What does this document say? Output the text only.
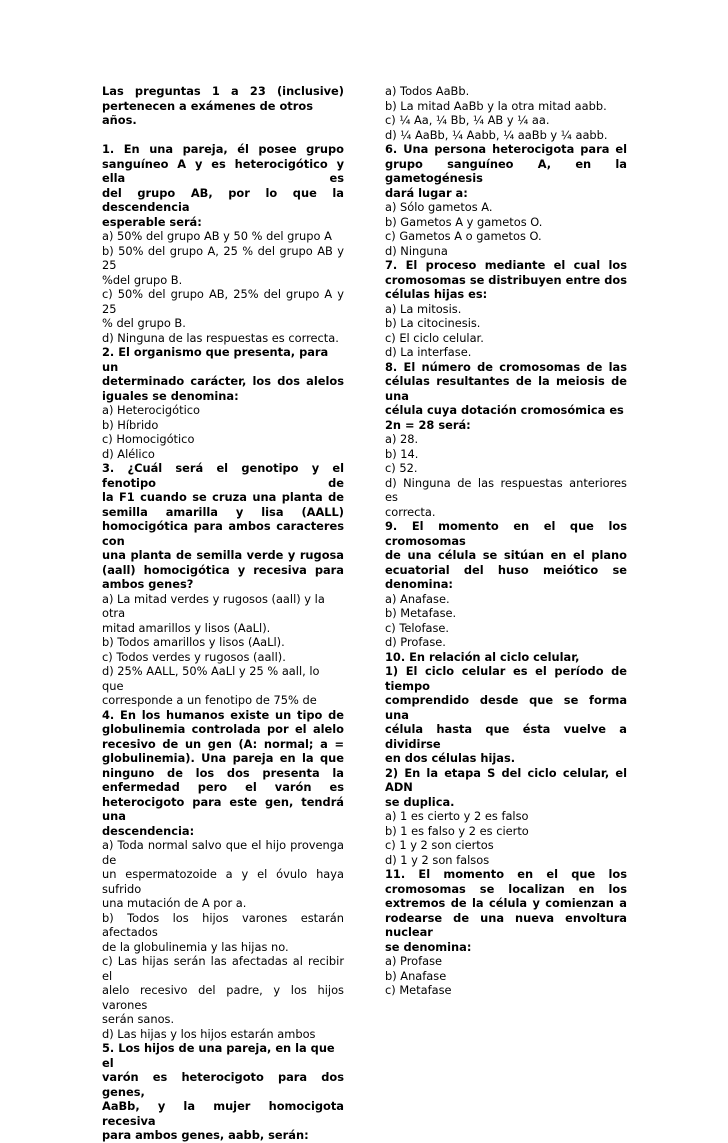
Las preguntas 1 a 23 (inclusive)

pertenecen a exámenes de otros años.

1. En una pareja, él posee grupo

sanguíneo A y es heterocigótico y ella es

del grupo AB, por lo que la descendencia

esperable será:

a) 50% del grupo AB y 50 % del grupo A

b) 50% del grupo A, 25 % del grupo AB y 25

%del grupo B.

c) 50% del grupo AB, 25% del grupo A y 25

% del grupo B.

d) Ninguna de las respuestas es correcta.

2. El organismo que presenta, para un

determinado carácter, los dos alelos

iguales se denomina:

a) Heterocigótico

b) Híbrido

c) Homocigótico

d) Alélico

3. ¿Cuál será el genotipo y el fenotipo de

la F1 cuando se cruza una planta de

semilla amarilla y lisa (AALL)

homocigótica para ambos caracteres con

una planta de semilla verde y rugosa

(aall) homocigótica y recesiva para

ambos genes?

a) La mitad verdes y rugosos (aall) y la otra

mitad amarillos y lisos (AaLl).

b) Todos amarillos y lisos (AaLl).

c) Todos verdes y rugosos (aall).

d) 25% AALL, 50% AaLl y 25 % aall, lo que

corresponde a un fenotipo de 75% de

4. En los humanos existe un tipo de

globulinemia controlada por el alelo

recesivo de un gen (A: normal; a =

globulinemia). Una pareja en la que

ninguno de los dos presenta la

enfermedad pero el varón es

heterocigoto para este gen, tendrá una

descendencia:

a) Toda normal salvo que el hijo provenga de

un espermatozoide a y el óvulo haya sufrido

una mutación de A por a.

b) Todos los hijos varones estarán afectados

de la globulinemia y las hijas no.

c) Las hijas serán las afectadas al recibir el

alelo recesivo del padre, y los hijos varones

serán sanos.

d) Las hijas y los hijos estarán ambos

5. Los hijos de una pareja, en la que el

varón es heterocigoto para dos genes,

AaBb, y la mujer homocigota recesiva

para ambos genes, aabb, serán:

a) Todos AaBb.

b) La mitad AaBb y la otra mitad aabb.

c) ¼ Aa, ¼ Bb, ¼ AB y ¼ aa.

d) ¼ AaBb, ¼ Aabb, ¼ aaBb y ¼ aabb.

6. Una persona heterocigota para el

grupo sanguíneo A, en la gametogénesis

dará lugar a:

a) Sólo gametos A.

b) Gametos A y gametos O.

c) Gametos A o gametos O.

d) Ninguna

7. El proceso mediante el cual los

cromosomas se distribuyen entre dos

células hijas es:

a) La mitosis.

b) La citocinesis.

c) El ciclo celular.

d) La interfase.

8. El número de cromosomas de las

células resultantes de la meiosis de una

célula cuya dotación cromosómica es

2n = 28 será:

a) 28.

b) 14.

c) 52.

d) Ninguna de las respuestas anteriores es

correcta.

9. El momento en el que los cromosomas

de una célula se sitúan en el plano

ecuatorial del huso meiótico se

denomina:

a) Anafase.

b) Metafase.

c) Telofase.

d) Profase.

10. En relación al ciclo celular,

1) El ciclo celular es el período de tiempo

comprendido desde que se forma una

célula hasta que ésta vuelve a dividirse

en dos células hijas.

2) En la etapa S del ciclo celular, el ADN

se duplica.

a) 1 es cierto y 2 es falso

b) 1 es falso y 2 es cierto

c) 1 y 2 son ciertos

d) 1 y 2 son falsos

11. El momento en el que los

cromosomas se localizan en los

extremos de la célula y comienzan a

rodearse de una nueva envoltura nuclear

se denomina:

a) Profase

b) Anafase

c) Metafase
